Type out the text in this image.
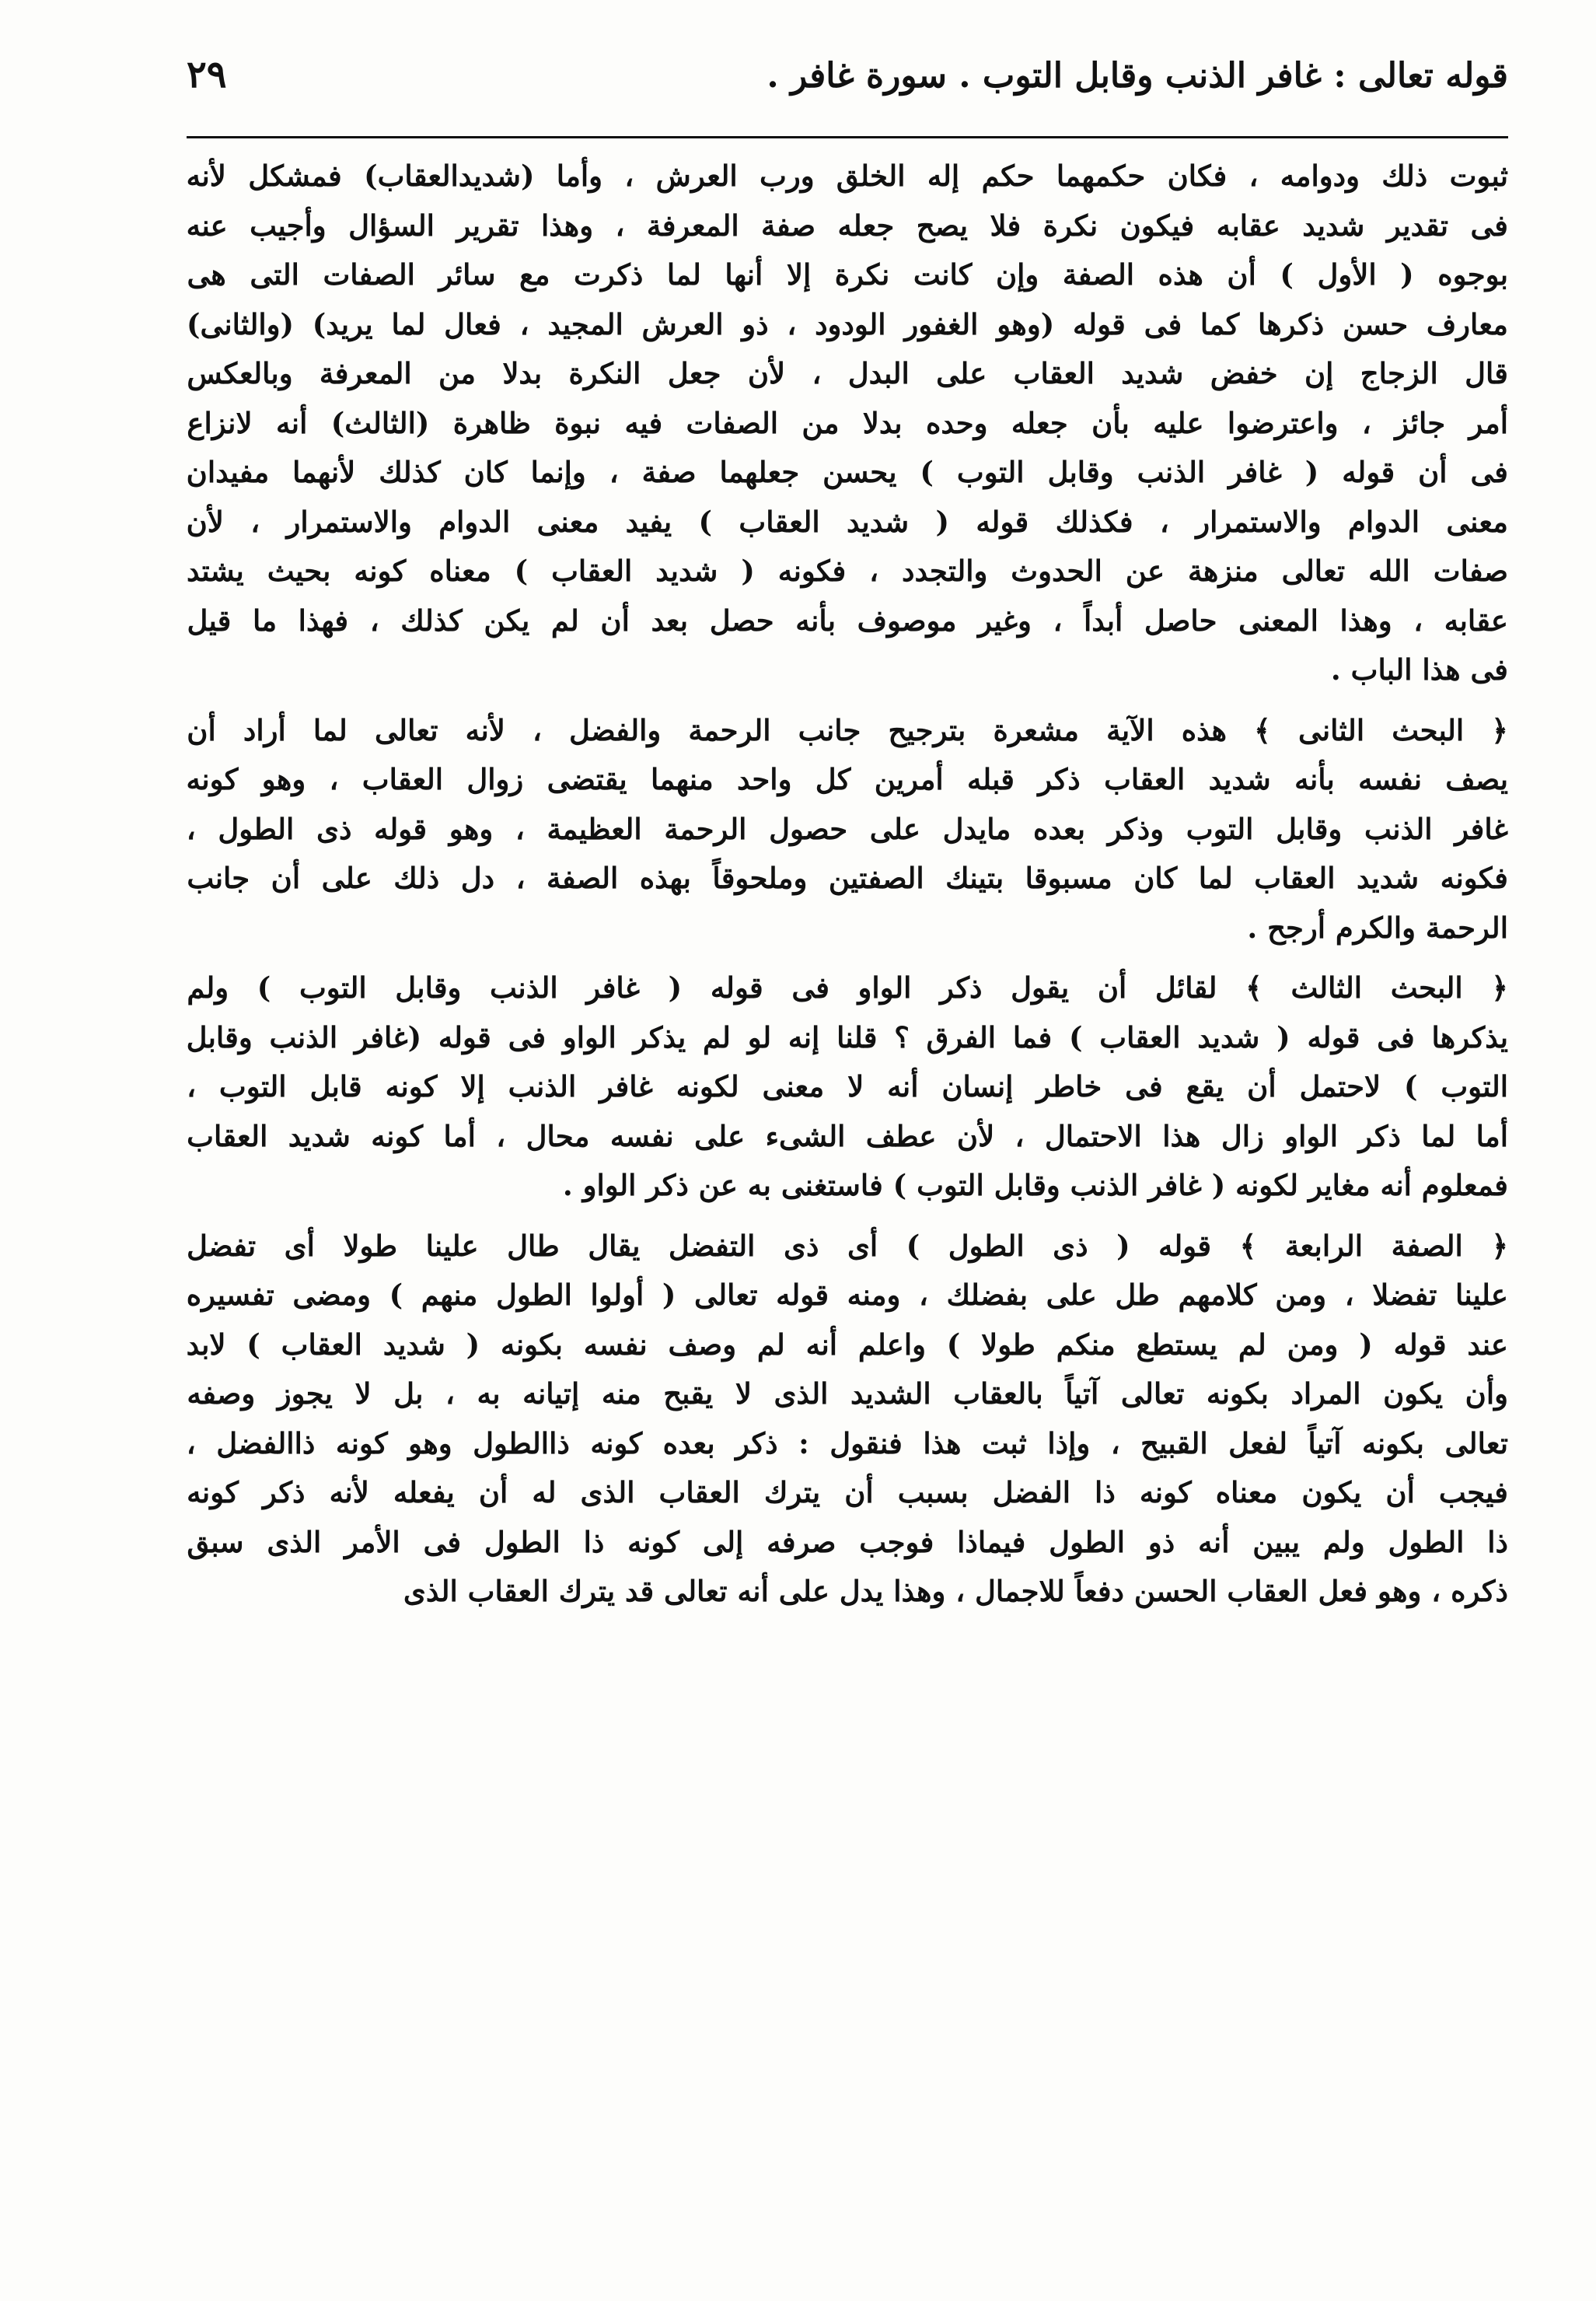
قوله تعالى : غافر الذنب وقابل التوب . سورة غافر .
٢٩
ثبوت ذلك ودوامه ، فكان حكمهما حكم إله الخلق ورب العرش ، وأما (شديدالعقاب) فمشكل لأنه
فى تقدير شديد عقابه فيكون نكرة فلا يصح جعله صفة المعرفة ، وهذا تقرير السؤال وأجيب عنه
بوجوه ( الأول ) أن هذه الصفة وإن كانت نكرة إلا أنها لما ذكرت مع سائر الصفات التى هى
معارف حسن ذكرها كما فى قوله (وهو الغفور الودود ، ذو العرش المجيد ، فعال لما يريد) (والثانى)
قال الزجاج إن خفض شديد العقاب على البدل ، لأن جعل النكرة بدلا من المعرفة وبالعكس
أمر جائز ، واعترضوا عليه بأن جعله وحده بدلا من الصفات فيه نبوة ظاهرة (الثالث) أنه لانزاع
فى أن قوله ( غافر الذنب وقابل التوب ) يحسن جعلهما صفة ، وإنما كان كذلك لأنهما مفيدان
معنى الدوام والاستمرار ، فكذلك قوله ( شديد العقاب ) يفيد معنى الدوام والاستمرار ، لأن
صفات الله تعالى منزهة عن الحدوث والتجدد ، فكونه ( شديد العقاب ) معناه كونه بحيث يشتد
عقابه ، وهذا المعنى حاصل أبداً ، وغير موصوف بأنه حصل بعد أن لم يكن كذلك ، فهذا ما قيل
فى هذا الباب .
﴿ البحث الثانى ﴾ هذه الآية مشعرة بترجيح جانب الرحمة والفضل ، لأنه تعالى لما أراد أن
يصف نفسه بأنه شديد العقاب ذكر قبله أمرين كل واحد منهما يقتضى زوال العقاب ، وهو كونه
غافر الذنب وقابل التوب وذكر بعده مايدل على حصول الرحمة العظيمة ، وهو قوله ذى الطول ،
فكونه شديد العقاب لما كان مسبوقا بتينك الصفتين وملحوقاً بهذه الصفة ، دل ذلك على أن جانب
الرحمة والكرم أرجح .
﴿ البحث الثالث ﴾ لقائل أن يقول ذكر الواو فى قوله ( غافر الذنب وقابل التوب ) ولم
يذكرها فى قوله ( شديد العقاب ) فما الفرق ؟ قلنا إنه لو لم يذكر الواو فى قوله (غافر الذنب وقابل
التوب ) لاحتمل أن يقع فى خاطر إنسان أنه لا معنى لكونه غافر الذنب إلا كونه قابل التوب ،
أما لما ذكر الواو زال هذا الاحتمال ، لأن عطف الشىء على نفسه محال ، أما كونه شديد العقاب
فمعلوم أنه مغاير لكونه ( غافر الذنب وقابل التوب ) فاستغنى به عن ذكر الواو .
﴿ الصفة الرابعة ﴾ قوله ( ذى الطول ) أى ذى التفضل يقال طال علينا طولا أى تفضل
علينا تفضلا ، ومن كلامهم طل على بفضلك ، ومنه قوله تعالى ( أولوا الطول منهم ) ومضى تفسيره
عند قوله ( ومن لم يستطع منكم طولا ) واعلم أنه لم وصف نفسه بكونه ( شديد العقاب ) لابد
وأن يكون المراد بكونه تعالى آتياً بالعقاب الشديد الذى لا يقبح منه إتيانه به ، بل لا يجوز وصفه
تعالى بكونه آتياً لفعل القبيح ، وإذا ثبت هذا فنقول : ذكر بعده كونه ذاالطول وهو كونه ذاالفضل ،
فيجب أن يكون معناه كونه ذا الفضل بسبب أن يترك العقاب الذى له أن يفعله لأنه ذكر كونه
ذا الطول ولم يبين أنه ذو الطول فيماذا فوجب صرفه إلى كونه ذا الطول فى الأمر الذى سبق
ذكره ، وهو فعل العقاب الحسن دفعاً للاجمال ، وهذا يدل على أنه تعالى قد يترك العقاب الذى
